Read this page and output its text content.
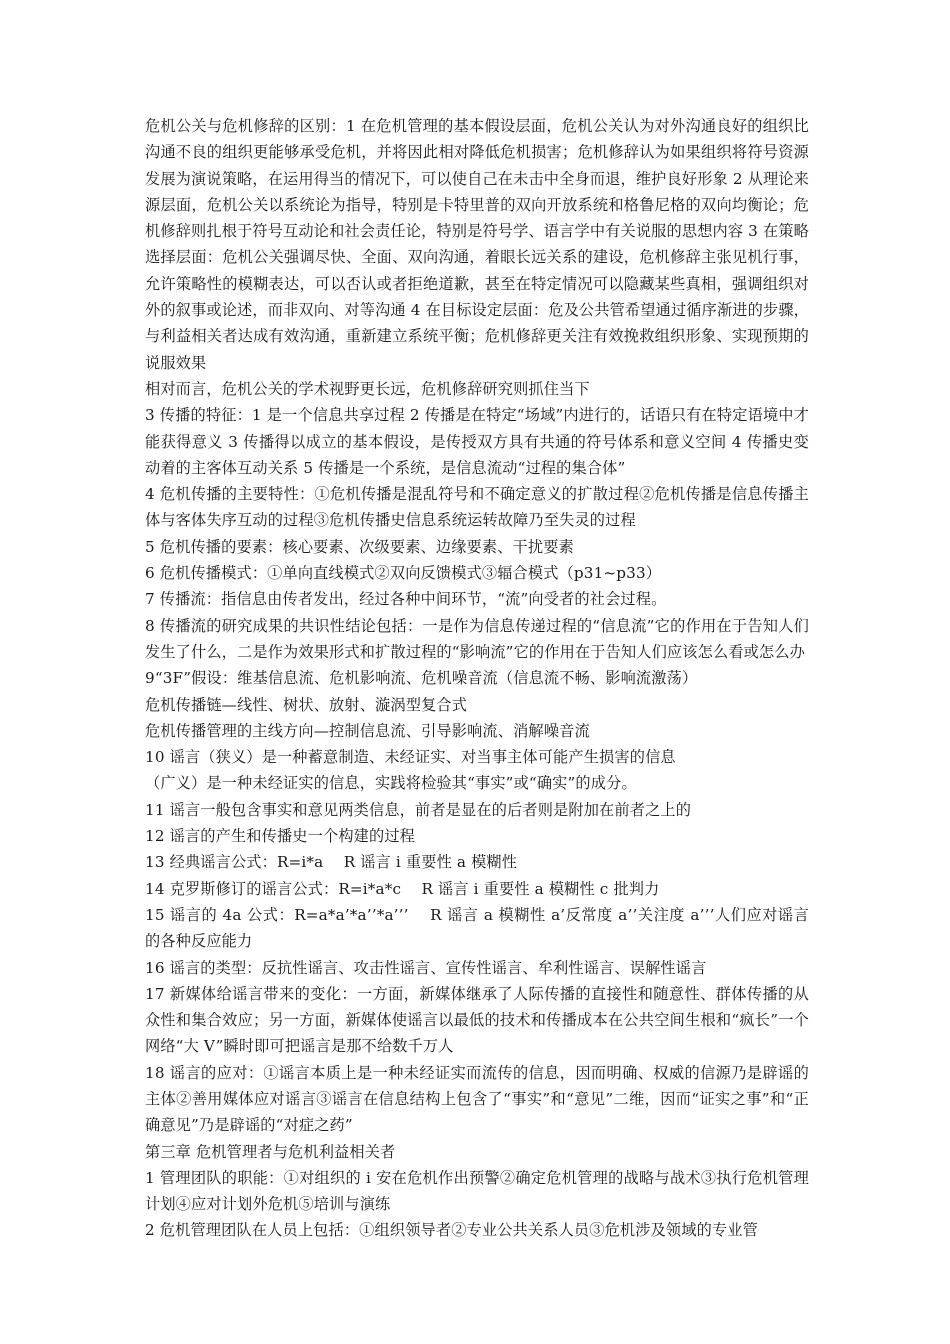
危机公关与危机修辞的区别：1 在危机管理的基本假设层面，危机公关认为对外沟通良好的组织比沟通不良的组织更能够承受危机，并将因此相对降低危机损害；危机修辞认为如果组织将符号资源发展为演说策略，在运用得当的情况下，可以使自己在未击中全身而退，维护良好形象 2 从理论来源层面，危机公关以系统论为指导，特别是卡特里普的双向开放系统和格鲁尼格的双向均衡论；危机修辞则扎根于符号互动论和社会责任论，特别是符号学、语言学中有关说服的思想内容 3 在策略选择层面：危机公关强调尽快、全面、双向沟通，着眼长远关系的建设，危机修辞主张见机行事，允许策略性的模糊表达，可以否认或者拒绝道歉，甚至在特定情况可以隐藏某些真相，强调组织对外的叙事或论述，而非双向、对等沟通 4 在目标设定层面：危及公共管希望通过循序渐进的步骤，与利益相关者达成有效沟通，重新建立系统平衡；危机修辞更关注有效挽救组织形象、实现预期的说服效果

相对而言，危机公关的学术视野更长远，危机修辞研究则抓住当下

3 传播的特征：1 是一个信息共享过程 2 传播是在特定“场域”内进行的，话语只有在特定语境中才能获得意义 3 传播得以成立的基本假设，是传授双方具有共通的符号体系和意义空间 4 传播史变动着的主客体互动关系 5 传播是一个系统，是信息流动“过程的集合体”

4 危机传播的主要特性：①危机传播是混乱符号和不确定意义的扩散过程②危机传播是信息传播主体与客体失序互动的过程③危机传播史信息系统运转故障乃至失灵的过程

5 危机传播的要素：核心要素、次级要素、边缘要素、干扰要素

6 危机传播模式：①单向直线模式②双向反馈模式③辐合模式（p31~p33）

7 传播流：指信息由传者发出，经过各种中间环节，“流”向受者的社会过程。

8 传播流的研究成果的共识性结论包括：一是作为信息传递过程的“信息流”它的作用在于告知人们发生了什么，二是作为效果形式和扩散过程的“影响流”它的作用在于告知人们应该怎么看或怎么办

9“3F”假设：维基信息流、危机影响流、危机噪音流（信息流不畅、影响流激荡）

危机传播链—线性、树状、放射、漩涡型复合式

危机传播管理的主线方向—控制信息流、引导影响流、消解噪音流

10 谣言（狭义）是一种蓄意制造、未经证实、对当事主体可能产生损害的信息

（广义）是一种未经证实的信息，实践将检验其“事实”或“确实”的成分。

11 谣言一般包含事实和意见两类信息，前者是显在的后者则是附加在前者之上的

12 谣言的产生和传播史一个构建的过程

13 经典谣言公式：R=i*a　 R 谣言 i 重要性 a 模糊性

14 克罗斯修订的谣言公式：R=i*a*c　 R 谣言 i 重要性 a 模糊性 c 批判力

15 谣言的 4a 公式：R=a*a’*a’’*a’’’　 R 谣言 a 模糊性 a’反常度 a’’关注度 a’’’人们应对谣言的各种反应能力

16 谣言的类型：反抗性谣言、攻击性谣言、宣传性谣言、牟利性谣言、误解性谣言

17 新媒体给谣言带来的变化：一方面，新媒体继承了人际传播的直接性和随意性、群体传播的从众性和集合效应；另一方面，新媒体使谣言以最低的技术和传播成本在公共空间生根和“疯长”一个网络“大 V”瞬时即可把谣言是那不给数千万人

18 谣言的应对：①谣言本质上是一种未经证实而流传的信息，因而明确、权威的信源乃是辟谣的主体②善用媒体应对谣言③谣言在信息结构上包含了“事实”和“意见”二维，因而“证实之事”和“正确意见”乃是辟谣的“对症之药”

第三章 危机管理者与危机利益相关者

1 管理团队的职能：①对组织的 i 安在危机作出预警②确定危机管理的战略与战术③执行危机管理计划④应对计划外危机⑤培训与演练

2 危机管理团队在人员上包括：①组织领导者②专业公共关系人员③危机涉及领域的专业管
